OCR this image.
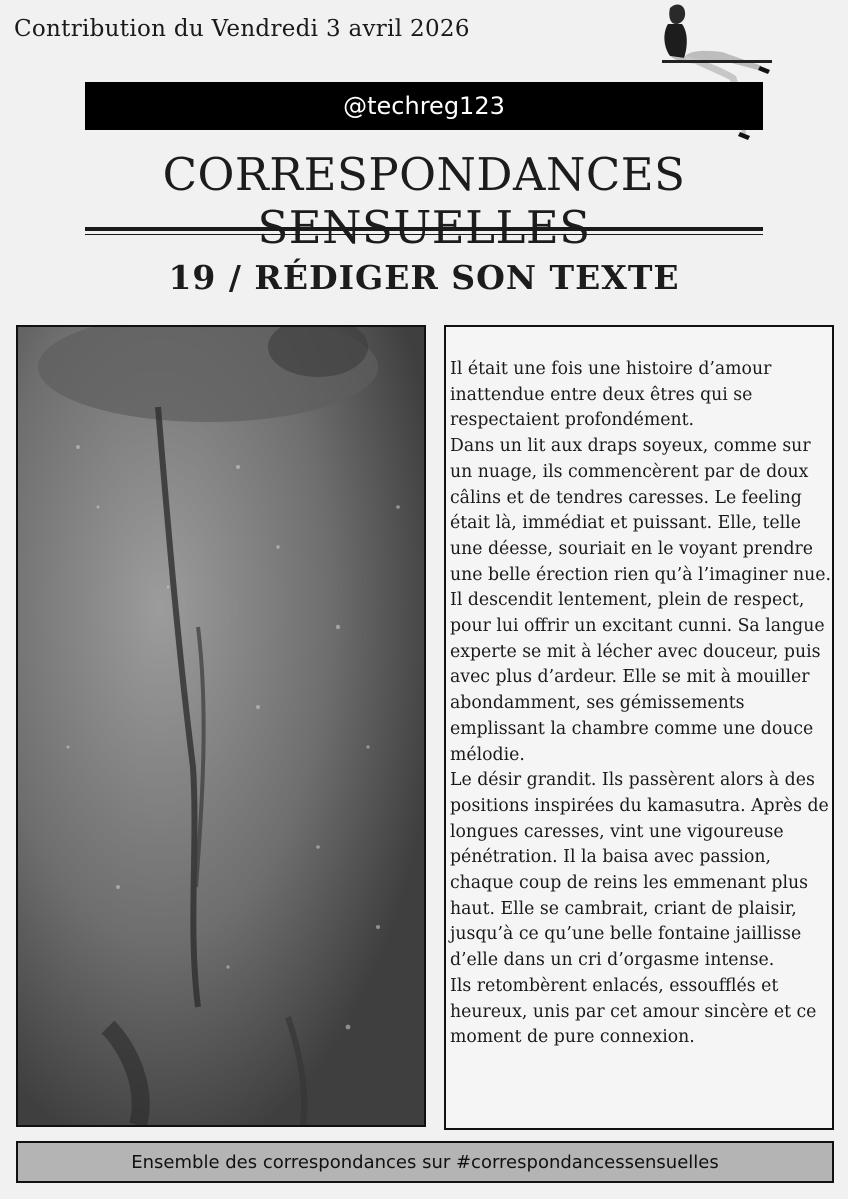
Contribution du Vendredi 3 avril 2026
@techreg123
CORRESPONDANCES
19 / RÉDIGER SON TEXTE

Il était une fois une histoire d’amour inattendue entre deux êtres qui se respectaient profondément.

Dans un lit aux draps soyeux, comme sur un nuage, ils commencèrent par de doux câlins et de tendres caresses. Le feeling était là, immédiat et puissant. Elle, telle une déesse, souriait en le voyant prendre une belle érection rien qu’à l’imaginer nue.

Il descendit lentement, plein de respect, pour lui offrir un excitant cunni. Sa langue experte se mit à lécher avec douceur, puis avec plus d’ardeur. Elle se mit à mouiller abondamment, ses gémissements emplissant la chambre comme une douce mélodie.

Le désir grandit. Ils passèrent alors à des positions inspirées du kamasutra. Après de longues caresses, vint une vigoureuse pénétration. Il la baisa avec passion, chaque coup de reins les emmenant plus haut. Elle se cambrait, criant de plaisir, jusqu’à ce qu’une belle fontaine jaillisse d’elle dans un cri d’orgasme intense.

Ils retombèrent enlacés, essoufflés et heureux, unis par cet amour sincère et ce moment de pure connexion.

Ensemble des correspondances sur #correspondancessensuelles
